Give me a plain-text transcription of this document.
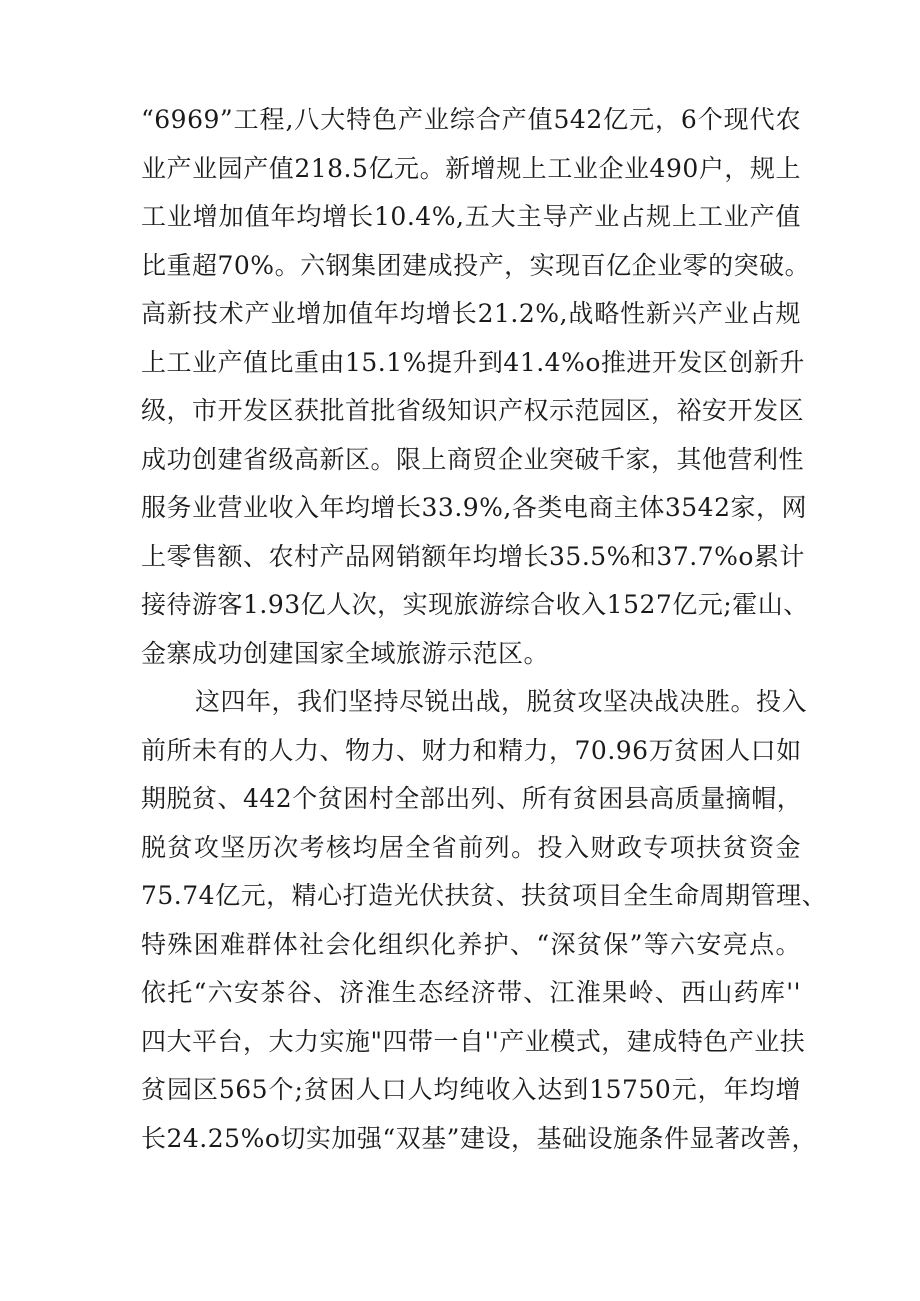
“6969”工程,八大特色产业综合产值542亿元，6个现代农
业产业园产值218.5亿元。新增规上工业企业490户，规上
工业增加值年均增长10.4%,五大主导产业占规上工业产值
比重超70%。六钢集团建成投产，实现百亿企业零的突破。
高新技术产业增加值年均增长21.2%,战略性新兴产业占规
上工业产值比重由15.1%提升到41.4%o推进开发区创新升
级，市开发区获批首批省级知识产权示范园区，裕安开发区
成功创建省级高新区。限上商贸企业突破千家，其他营利性
服务业营业收入年均增长33.9%,各类电商主体3542家，网
上零售额、农村产品网销额年均增长35.5%和37.7%o累计
接待游客1.93亿人次，实现旅游综合收入1527亿元;霍山、
金寨成功创建国家全域旅游示范区。
这四年，我们坚持尽锐出战，脱贫攻坚决战决胜。投入
前所未有的人力、物力、财力和精力，70.96万贫困人口如
期脱贫、442个贫困村全部出列、所有贫困县高质量摘帽，
脱贫攻坚历次考核均居全省前列。投入财政专项扶贫资金
75.74亿元，精心打造光伏扶贫、扶贫项目全生命周期管理、
特殊困难群体社会化组织化养护、“深贫保”等六安亮点。
依托“六安茶谷、济淮生态经济带、江淮果岭、西山药库''
四大平台，大力实施"四带一自''产业模式，建成特色产业扶
贫园区565个;贫困人口人均纯收入达到15750元，年均增
长24.25%o切实加强“双基”建设，基础设施条件显著改善，
